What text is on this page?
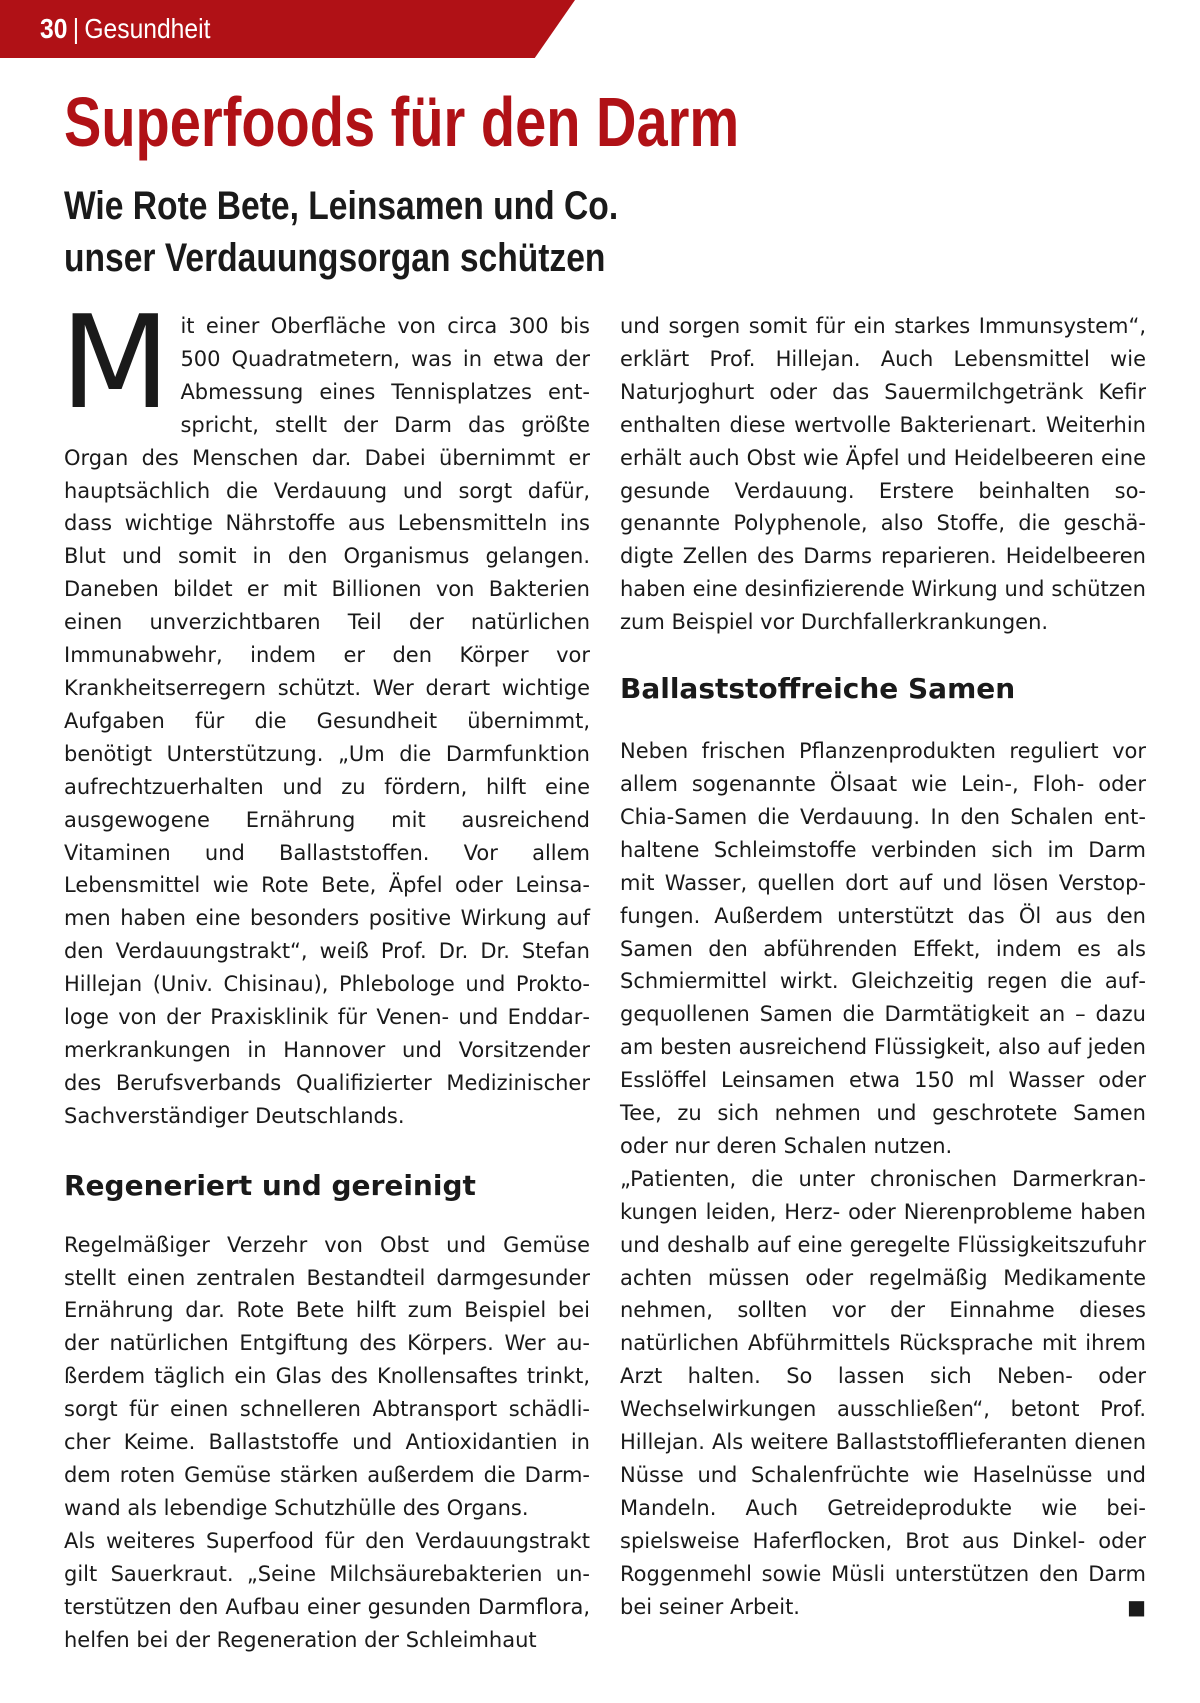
30 | Gesundheit
Superfoods für den Darm
Wie Rote Bete, Leinsamen und Co.
unser Verdauungsorgan schützen

Mit einer Oberfläche von circa 300 bis 500 Quadratmetern, was in etwa der Abmessung eines Tennisplatzes entspricht, stellt der Darm das größte Organ des Menschen dar. Dabei übernimmt er hauptsächlich die Verdauung und sorgt dafür, dass wichtige Nährstoffe aus Lebensmitteln ins Blut und somit in den Organismus gelangen. Daneben bildet er mit Billionen von Bakterien einen unverzichtbaren Teil der natürlichen Immunabwehr, indem er den Körper vor Krankheitserregern schützt. Wer derart wichtige Aufgaben für die Gesundheit übernimmt, benötigt Unterstützung. „Um die Darmfunktion aufrechtzuerhalten und zu fördern, hilft eine ausgewogene Ernährung mit ausreichend Vitaminen und Ballaststoffen. Vor allem Lebensmittel wie Rote Bete, Äpfel oder Leinsamen haben eine besonders positive Wirkung auf den Verdauungstrakt“, weiß Prof. Dr. Dr. Stefan Hillejan (Univ. Chisinau), Phlebologe und Proktologe von der Praxisklinik für Venen- und Enddarmerkrankungen in Hannover und Vorsitzender des Berufsverbands Qualifizierter Medizinischer Sachverständiger Deutschlands.

Regeneriert und gereinigt

Regelmäßiger Verzehr von Obst und Gemüse stellt einen zentralen Bestandteil darmgesunder Ernährung dar. Rote Bete hilft zum Beispiel bei der natürlichen Entgiftung des Körpers. Wer außerdem täglich ein Glas des Knollensaftes trinkt, sorgt für einen schnelleren Abtransport schädlicher Keime. Ballaststoffe und Antioxidantien in dem roten Gemüse stärken außerdem die Darmwand als lebendige Schutzhülle des Organs.

Als weiteres Superfood für den Verdauungstrakt gilt Sauerkraut. „Seine Milchsäurebakterien unterstützen den Aufbau einer gesunden Darmflora, helfen bei der Regeneration der Schleimhaut

und sorgen somit für ein starkes Immunsystem“, erklärt Prof. Hillejan. Auch Lebensmittel wie Naturjoghurt oder das Sauermilchgetränk Kefir enthalten diese wertvolle Bakterienart. Weiterhin erhält auch Obst wie Äpfel und Heidelbeeren eine gesunde Verdauung. Erstere beinhalten sogenannte Polyphenole, also Stoffe, die geschädigte Zellen des Darms reparieren. Heidelbeeren haben eine desinfizierende Wirkung und schützen zum Beispiel vor Durchfallerkrankungen.

Ballaststoffreiche Samen

Neben frischen Pflanzenprodukten reguliert vor allem sogenannte Ölsaat wie Lein-, Floh- oder Chia-Samen die Verdauung. In den Schalen enthaltene Schleimstoffe verbinden sich im Darm mit Wasser, quellen dort auf und lösen Verstopfungen. Außerdem unterstützt das Öl aus den Samen den abführenden Effekt, indem es als Schmiermittel wirkt. Gleichzeitig regen die aufgequollenen Samen die Darmtätigkeit an – dazu am besten ausreichend Flüssigkeit, also auf jeden Esslöffel Leinsamen etwa 150 ml Wasser oder Tee, zu sich nehmen und geschrotete Samen oder nur deren Schalen nutzen.

„Patienten, die unter chronischen Darmerkrankungen leiden, Herz- oder Nierenprobleme haben und deshalb auf eine geregelte Flüssigkeitszufuhr achten müssen oder regelmäßig Medikamente nehmen, sollten vor der Einnahme dieses natürlichen Abführmittels Rücksprache mit ihrem Arzt halten. So lassen sich Neben- oder Wechselwirkungen ausschließen“, betont Prof. Hillejan. Als weitere Ballaststofflieferanten dienen Nüsse und Schalenfrüchte wie Haselnüsse und Mandeln. Auch Getreideprodukte wie beispielsweise Haferflocken, Brot aus Dinkel- oder Roggenmehl sowie Müsli unterstützen den Darm bei seiner Arbeit.	■
